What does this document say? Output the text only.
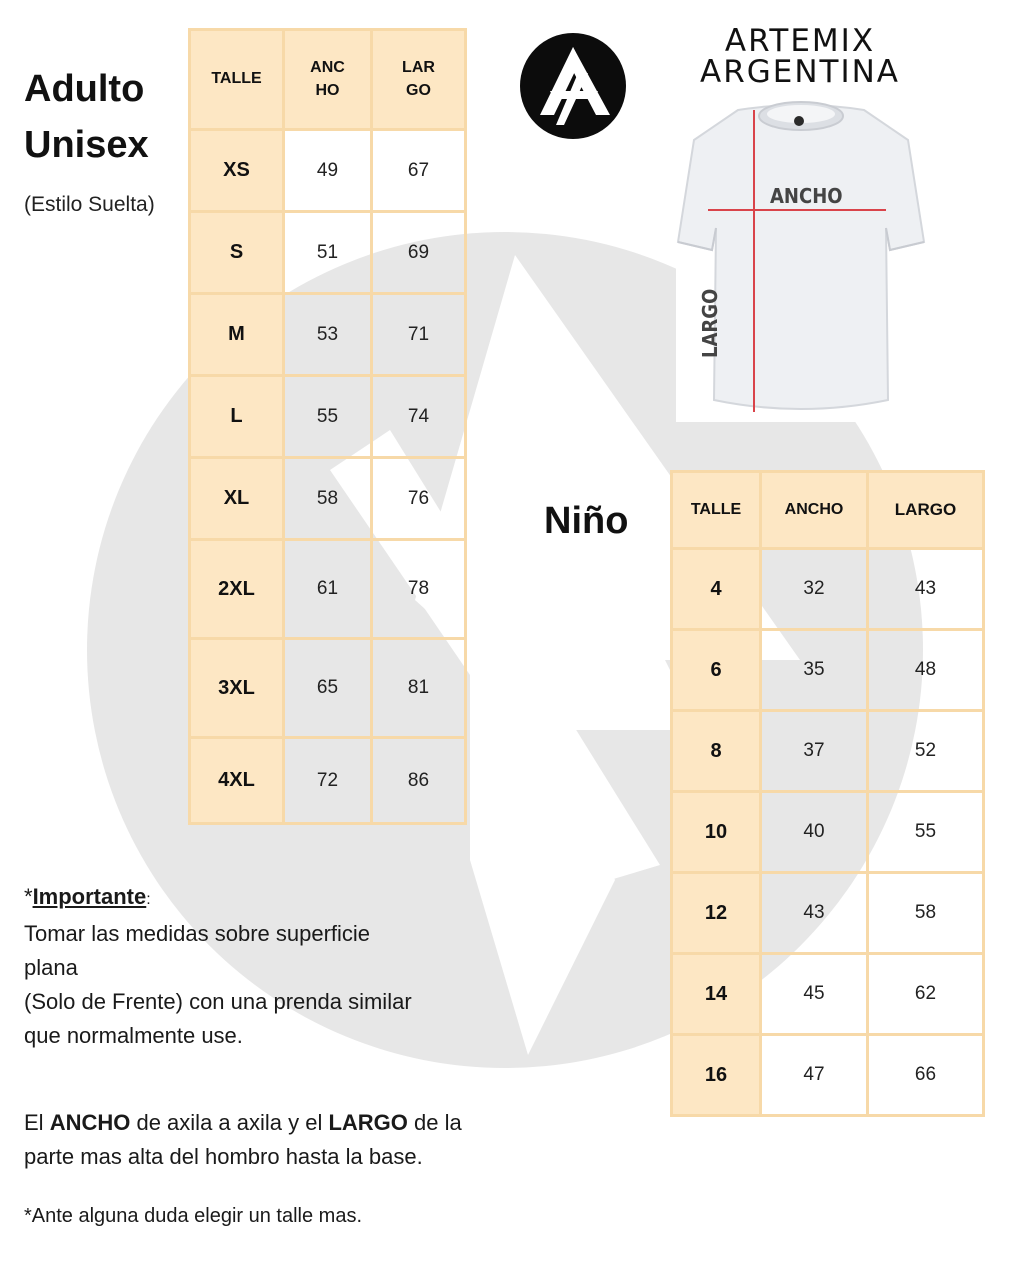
Adulto
Unisex
(Estilo Suelta)
TALLE	ANCHO	LARGO
XS	49	67
S	51	69
M	53	71
L	55	74
XL	58	76
2XL	61	78
3XL	65	81
4XL	72	86
ARTEMIX
ARGENTINA
ANCHO
LARGO
Niño	TALLE	ANCHO	LARGO
4	32	43
6	35	48
8	37	52
10	40	55
12	43	58
14	45	62
16	47	66
*Importante:
Tomar las medidas sobre superficie
plana
(Solo de Frente) con una prenda similar
que normalmente use.
El ANCHO de axila a axila y el LARGO de la
parte mas alta del hombro hasta la base.
*Ante alguna duda elegir un talle mas.
